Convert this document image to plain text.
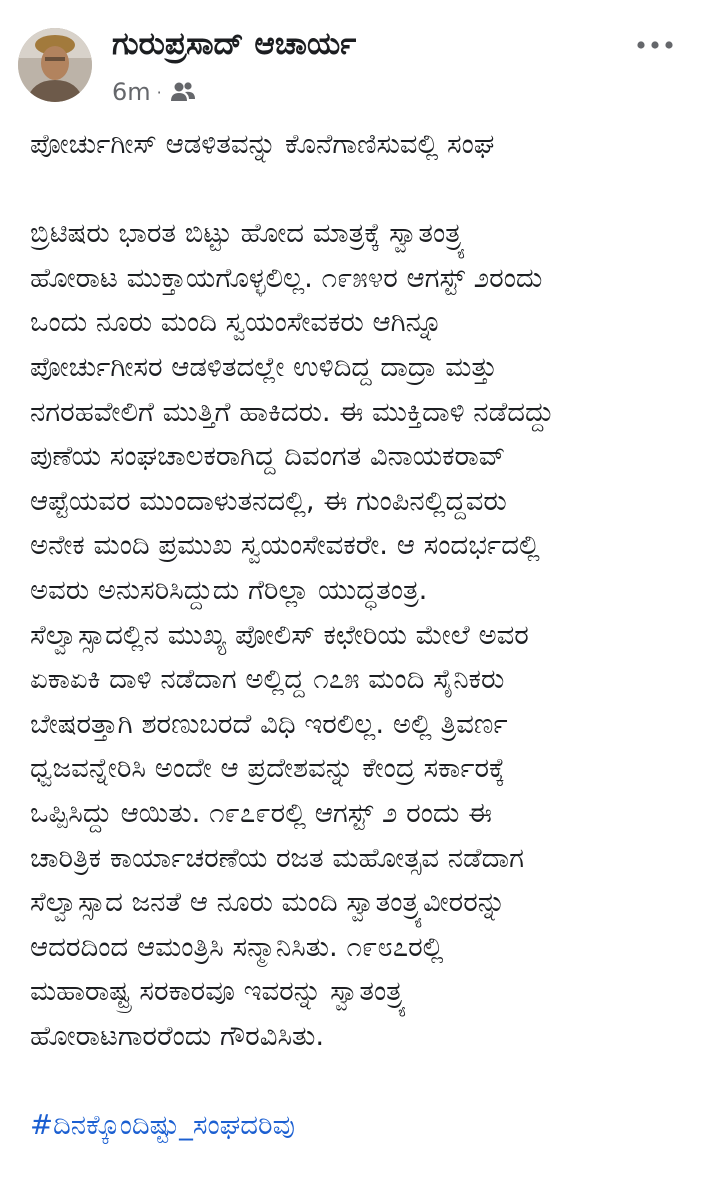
ಗುರುಪ್ರಸಾದ್ ಆಚಾರ್ಯ
6m ·

ಪೋರ್ಚುಗೀಸ್ ಆಡಳಿತವನ್ನು ಕೊನೆಗಾಣಿಸುವಲ್ಲಿ ಸಂಘ

ಬ್ರಿಟಿಷರು ಭಾರತ ಬಿಟ್ಟು ಹೋದ ಮಾತ್ರಕ್ಕೆ ಸ್ವಾತಂತ್ರ್ಯ

ಹೋರಾಟ ಮುಕ್ತಾಯಗೊಳ್ಳಲಿಲ್ಲ. ೧೯೫೪ರ ಆಗಸ್ಟ್ ೨ರಂದು

ಒಂದು ನೂರು ಮಂದಿ ಸ್ವಯಂಸೇವಕರು ಆಗಿನ್ನೂ

ಪೋರ್ಚುಗೀಸರ ಆಡಳಿತದಲ್ಲೇ ಉಳಿದಿದ್ದ ದಾದ್ರಾ ಮತ್ತು

ನಗರಹವೇಲಿಗೆ ಮುತ್ತಿಗೆ ಹಾಕಿದರು. ಈ ಮುಕ್ತಿದಾಳಿ ನಡೆದದ್ದು

ಪುಣೆಯ ಸಂಘಚಾಲಕರಾಗಿದ್ದ ದಿವಂಗತ ವಿನಾಯಕರಾವ್

ಆಪ್ಟೆಯವರ ಮುಂದಾಳುತನದಲ್ಲಿ, ಈ ಗುಂಪಿನಲ್ಲಿದ್ದವರು

ಅನೇಕ ಮಂದಿ ಪ್ರಮುಖ ಸ್ವಯಂಸೇವಕರೇ. ಆ ಸಂದರ್ಭದಲ್ಲಿ

ಅವರು ಅನುಸರಿಸಿದ್ದುದು ಗೆರಿಲ್ಲಾ ಯುದ್ಧತಂತ್ರ.

ಸೆಲ್ವಾಸ್ಸಾದಲ್ಲಿನ ಮುಖ್ಯ ಪೋಲಿಸ್ ಕಛೇರಿಯ ಮೇಲೆ ಅವರ

ಏಕಾಏಕಿ ದಾಳಿ ನಡೆದಾಗ ಅಲ್ಲಿದ್ದ ೧೭೫ ಮಂದಿ ಸೈನಿಕರು

ಬೇಷರತ್ತಾಗಿ ಶರಣುಬರದೆ ವಿಧಿ ಇರಲಿಲ್ಲ. ಅಲ್ಲಿ ತ್ರಿವರ್ಣ

ಧ್ವಜವನ್ನೇರಿಸಿ ಅಂದೇ ಆ ಪ್ರದೇಶವನ್ನು ಕೇಂದ್ರ ಸರ್ಕಾರಕ್ಕೆ

ಒಪ್ಪಿಸಿದ್ದು ಆಯಿತು. ೧೯೭೯ರಲ್ಲಿ ಆಗಸ್ಟ್ ೨ ರಂದು ಈ

ಚಾರಿತ್ರಿಕ ಕಾರ್ಯಾಚರಣೆಯ ರಜತ ಮಹೋತ್ಸವ ನಡೆದಾಗ

ಸೆಲ್ವಾಸ್ಸಾದ ಜನತೆ ಆ ನೂರು ಮಂದಿ ಸ್ವಾತಂತ್ರ್ಯವೀರರನ್ನು

ಆದರದಿಂದ ಆಮಂತ್ರಿಸಿ ಸನ್ಮಾನಿಸಿತು. ೧೯೮೭ರಲ್ಲಿ

ಮಹಾರಾಷ್ಟ್ರ ಸರಕಾರವೂ ಇವರನ್ನು ಸ್ವಾತಂತ್ರ್ಯ

ಹೋರಾಟಗಾರರೆಂದು ಗೌರವಿಸಿತು.

#ದಿನಕ್ಕೊಂದಿಷ್ಟು_ಸಂಘದರಿವು
